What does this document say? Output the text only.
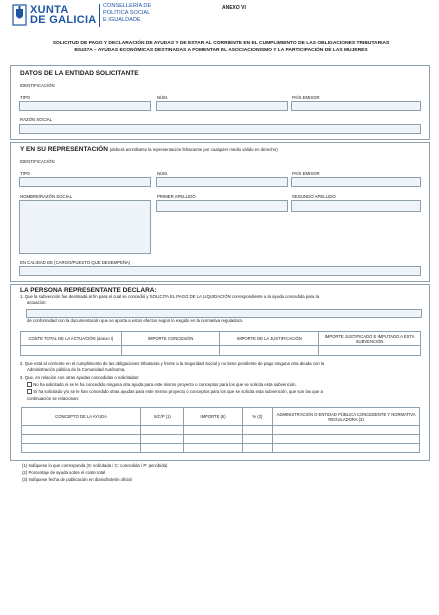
XUNTA
DE GALICIA
CONSELLERÍA DE
POLÍTICA SOCIAL
E IGUALDADE
ANEXO VI
SOLICITUD DE PAGO Y DECLARACIÓN DE AYUDAS Y DE ESTAR AL CORRIENTE EN EL CUMPLIMIENTO DE LAS OBLIGACIONES TRIBUTARIAS
BS437A – AYUDAS ECONÓMICAS DESTINADAS A FOMENTAR EL ASOCIACIONISMO Y LA PARTICIPACIÓN DE LAS MUJERES
DATOS DE LA ENTIDAD SOLICITANTE
IDENTIFICACIÓN
TIPO	NÚM.	PAÍS EMISOR
RAZÓN SOCIAL
Y EN SU REPRESENTACIÓN (deberá acreditarse la representación fehaciente por cualquier medio válido en derecho)
IDENTIFICACIÓN
TIPO	NÚM.	PAÍS EMISOR
NOMBRE/RAZÓN SOCIAL	PRIMER APELLIDO	SEGUNDO APELLIDO
EN CALIDAD DE (CARGO/PUESTO QUE DESEMPEÑA)
LA PERSONA REPRESENTANTE DECLARA:
1. Que la subvención fue destinada al fin para el cual se concedió y SOLICITA EL PAGO DE LA LIQUIDACIÓN correspondiente a la ayuda concedida para la
actuación:
de conformidad con la documentación que se aporta a estos efectos según lo exigido en la normativa reguladora.
COSTE TOTAL DE LA ACTUACIÓN (anexo I)	IMPORTE CONCESIÓN	IMPORTE DE LA JUSTIFICACIÓN	IMPORTE JUSTIFICADO E IMPUTADO A ESTA SUBVENCIÓN

2. Que está al corriente en el cumplimiento de las obligaciones tributarias y frente a la Seguridad Social y no tiene pendiente de pago ninguna otra deuda con la
Administración pública de la Comunidad Autónoma.
3. Que, en relación con otras ayudas concedidas o solicitadas:
No ha solicitado ni se le ha concedido ninguna otra ayuda para este mismo proyecto o conceptos para los que se solicita esta subvención.
Sí ha solicitado y/o se le han concedido otras ayudas para este mismo proyecto o conceptos para los que se solicita esta subvención, que son las que a
continuación se relacionan:
CONCEPTO DE LA AYUDA	S/C/P (1)	IMPORTE (€)	% (2)	ADMINISTRACIÓN O ENTIDAD PÚBLICA CONCEDENTE Y NORMATIVA REGULADORA (3)

(1) Indíquese lo que corresponda (S: solicitada / C: concedida / P: percibida)
(2) Porcentaje de ayuda sobre el coste total
(3) Indíquese fecha de publicación en diario/boletín oficial
